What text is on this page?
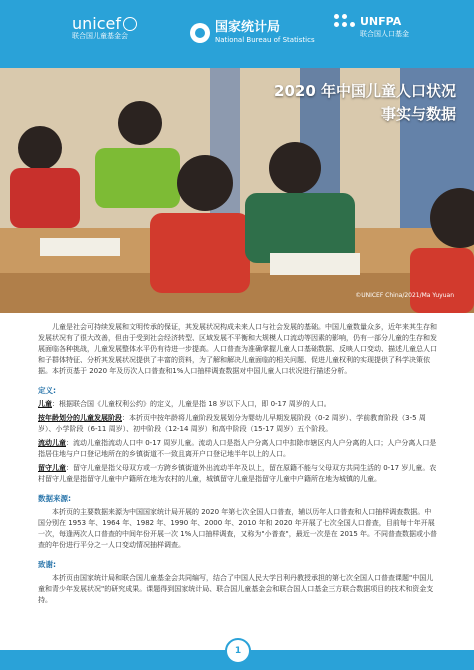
unicef
联合国儿童基金会
国家统计局
National Bureau of Statistics
UNFPA
联合国人口基金
2020 年中国儿童人口状况
事实与数据
©UNICEF China/2021/Ma Yuyuan

儿童是社会可持续发展和文明传承的保证，其发展状况构成未来人口与社会发展的基础。中国儿童数量众多，近年来其生存和发展状况有了很大改善，但由于受到社会经济转型、区域发展不平衡和大规模人口流动等因素的影响，仍有一部分儿童的生存和发展面临各种挑战，儿童发展整体水平仍有待进一步提高。人口普查为准确掌握儿童人口基础数据、反映人口变动、描述儿童总人口和子群体特征、分析其发展状况提供了丰富的资料，为了解和解决儿童面临的相关问题、促进儿童权利的实现提供了科学决策依据。本折页基于 2020 年及历次人口普查和1%人口抽样调查数据对中国儿童人口状况进行描述分析。

定义:
儿童：根据联合国《儿童权利公约》的定义，儿童是指 18 岁以下人口，即 0-17 周岁的人口。
按年龄划分的儿童发展阶段：本折页中按年龄将儿童阶段发展划分为婴幼儿早期发展阶段（0-2 周岁）、学前教育阶段（3-5 周岁）、小学阶段（6-11 周岁）、初中阶段（12-14 周岁）和高中阶段（15-17 周岁）五个阶段。
流动儿童：流动儿童指流动人口中 0-17 周岁儿童。流动人口是指人户分离人口中扣除市辖区内人户分离的人口；人户分离人口是指居住地与户口登记地所在的乡镇街道不一致且离开户口登记地半年以上的人口。
留守儿童：留守儿童是指父母双方或一方跨乡镇街道外出流动半年及以上，留在原籍不能与父母双方共同生活的 0-17 岁儿童。农村留守儿童是指留守儿童中户籍所在地为农村的儿童，城镇留守儿童是指留守儿童中户籍所在地为城镇的儿童。
数据来源:

本折页的主要数据来源为中国国家统计局开展的 2020 年第七次全国人口普查，辅以历年人口普查和人口抽样调查数据。中国分别在 1953 年、1964 年、1982 年、1990 年、2000 年、2010 年和 2020 年开展了七次全国人口普查，目前每十年开展一次，每逢两次人口普查的中间年份开展一次 1%人口抽样调查，又称为"小普查"，最近一次是在 2015 年。不同普查数据或小普查的年份进行平分之一人口变动情况抽样调查。

致谢:

本折页由国家统计局和联合国儿童基金会共同编写，结合了中国人民大学吕利丹教授承担的第七次全国人口普查课题"中国儿童和青少年发展状况"的研究成果。课题得到国家统计局、联合国儿童基金会和联合国人口基金三方联合数据项目的技术和资金支持。

1
